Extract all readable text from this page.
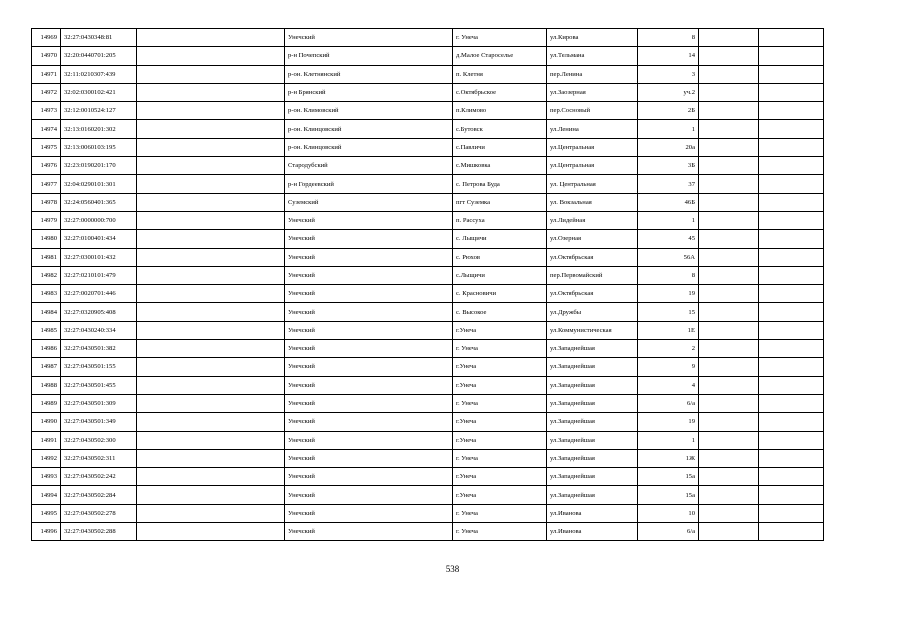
14969	32:27:0430348:81		Унечский	г. Унеча	ул.Кирова	8		
14970	32:20:0440701:205		р-н Почепский	д.Малое Староселье	ул.Тельмана	14		
14971	32:11:0210307:439		р-он. Клетнянский	п. Клетня	пер.Ленина	3		
14972	32:02:0300102:421		р-н Брянский	с.Октябрьское	ул.Заозерная	уч.2		
14973	32:12:0010524:127		р-он. Климовский	п.Климово	пер.Сосновый	2Б		
14974	32:13:0160201:302		р-он. Клинцовский	с.Бутовск	ул.Ленина	1		
14975	32:13:0060103:195		р-он. Клинцовский	с.Павличи	ул.Центральная	20а		
14976	32:23:0190201:170		Стародубский	с.Мишковка	ул.Центральная	3Б		
14977	32:04:0290101:301		р-н Гордеевский	с. Петрова Буда	ул. Центральная	37		
14978	32:24:0560401:365		Суземский	пгт Суземка	ул. Вокзальная	46Б		
14979	32:27:0000000:700		Унечский	п. Рассуха	ул.Лидейная	1		
14980	32:27:0100401:434		Унечский	с. Лыщичи	ул.Озерная	45		
14981	32:27:0300101:432		Унечский	с. Рюхов	ул.Октябрьская	56А		
14982	32:27:0210101:479		Унечский	с.Лыщичи	пер.Первомайский	8		
14983	32:27:0020701:446		Унечский	с. Красновичи	ул.Октябрьская	19		
14984	32:27:0320905:408		Унечский	с. Высокое	ул.Дружбы	15		
14985	32:27:0430240:334		Унечский	г.Унеча	ул.Коммунистическая	1Е		
14986	32:27:0430501:382		Унечский	г. Унеча	ул.Западнейшая	2		
14987	32:27:0430501:155		Унечский	г.Унеча	ул.Западнейшая	9		
14988	32:27:0430501:455		Унечский	г.Унеча	ул.Западнейшая	4		
14989	32:27:0430501:309		Унечский	г. Унеча	ул.Западнейшая	6/а		
14990	32:27:0430501:349		Унечский	г.Унеча	ул.Западнейшая	19		
14991	32:27:0430502:300		Унечский	г.Унеча	ул.Западнейшая	1		
14992	32:27:0430502:311		Унечский	г. Унеча	ул.Западнейшая	1Ж		
14993	32:27:0430502:242		Унечский	г.Унеча	ул.Западнейшая	15а		
14994	32:27:0430502:284		Унечский	г.Унеча	ул.Западнейшая	15а		
14995	32:27:0430502:278		Унечский	г. Унеча	ул.Иванова	10		
14996	32:27:0430502:288		Унечский	г. Унеча	ул.Иванова	6/а		
538
